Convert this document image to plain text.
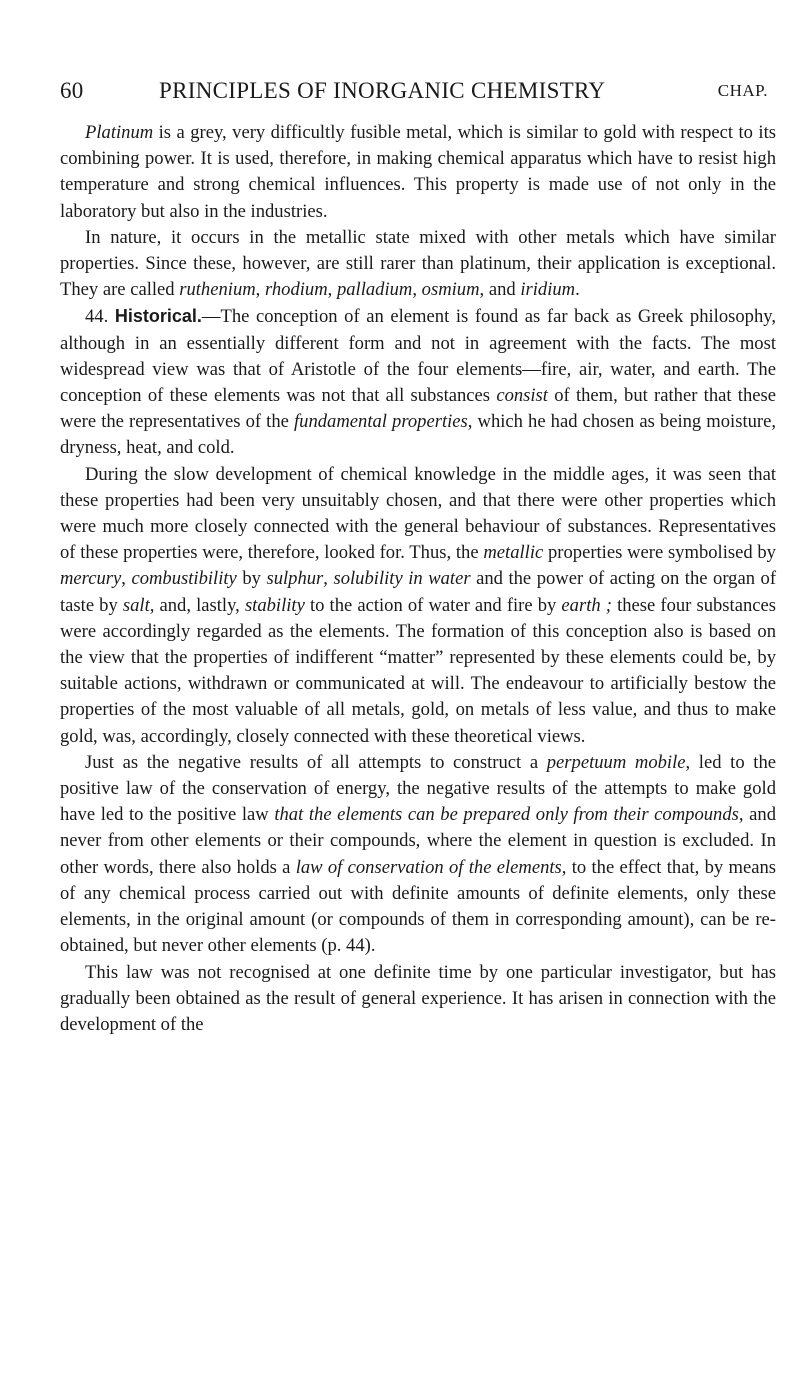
60	PRINCIPLES OF INORGANIC CHEMISTRY	CHAP.

Platinum is a grey, very difficultly fusible metal, which is similar to gold with respect to its combining power. It is used, therefore, in making chemical apparatus which have to resist high temperature and strong chemical influences. This property is made use of not only in the laboratory but also in the industries.

In nature, it occurs in the metallic state mixed with other metals which have similar properties. Since these, however, are still rarer than platinum, their application is exceptional. They are called ruthenium, rhodium, palladium, osmium, and iridium.

44. Historical.—The conception of an element is found as far back as Greek philosophy, although in an essentially different form and not in agreement with the facts. The most widespread view was that of Aristotle of the four elements—fire, air, water, and earth. The conception of these elements was not that all substances consist of them, but rather that these were the representatives of the fundamental properties, which he had chosen as being moisture, dryness, heat, and cold.

During the slow development of chemical knowledge in the middle ages, it was seen that these properties had been very unsuitably chosen, and that there were other properties which were much more closely connected with the general behaviour of substances. Representatives of these properties were, therefore, looked for. Thus, the metallic properties were symbolised by mercury, combustibility by sulphur, solubility in water and the power of acting on the organ of taste by salt, and, lastly, stability to the action of water and fire by earth ; these four substances were accordingly regarded as the elements. The formation of this conception also is based on the view that the properties of indifferent “matter” represented by these elements could be, by suitable actions, withdrawn or communicated at will. The endeavour to artificially bestow the properties of the most valuable of all metals, gold, on metals of less value, and thus to make gold, was, accordingly, closely connected with these theoretical views.

Just as the negative results of all attempts to construct a perpetuum mobile, led to the positive law of the conservation of energy, the negative results of the attempts to make gold have led to the positive law that the elements can be prepared only from their compounds, and never from other elements or their compounds, where the element in question is excluded. In other words, there also holds a law of conservation of the elements, to the effect that, by means of any chemical process carried out with definite amounts of definite elements, only these elements, in the original amount (or compounds of them in corresponding amount), can be re-obtained, but never other elements (p. 44).

This law was not recognised at one definite time by one particular investigator, but has gradually been obtained as the result of general experience. It has arisen in connection with the development of the
